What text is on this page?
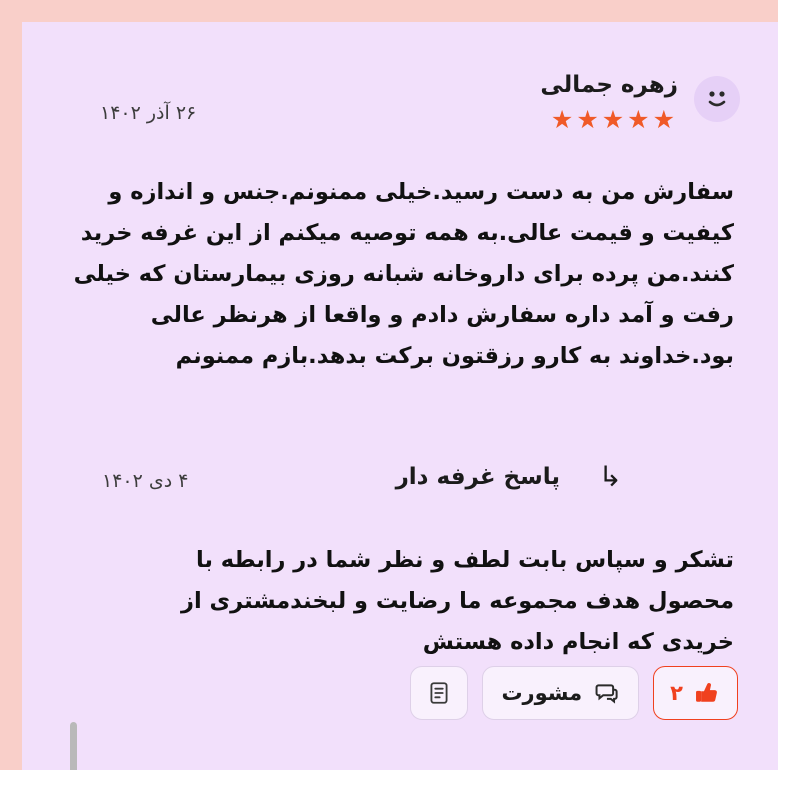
زهره جمالی
★★★★★
۲۶ آذر ۱۴۰۲
سفارش من به دست رسید.خیلی ممنونم.جنس و اندازه و کیفیت و قیمت عالی.به همه توصیه میکنم از این غرفه خرید کنند.من پرده برای داروخانه شبانه روزی بیمارستان که خیلی رفت و آمد داره سفارش دادم و واقعا از هرنظر عالی بود.خداوند به کارو رزقتون برکت بدهد.بازم ممنونم
پاسخ غرفه دار ↳
۴ دی ۱۴۰۲
تشکر و سپاس بابت لطف و نظر شما در رابطه با محصول هدف مجموعه ما رضایت و لبخندمشتری از خریدی که انجام داده هستش
۲
مشورت
